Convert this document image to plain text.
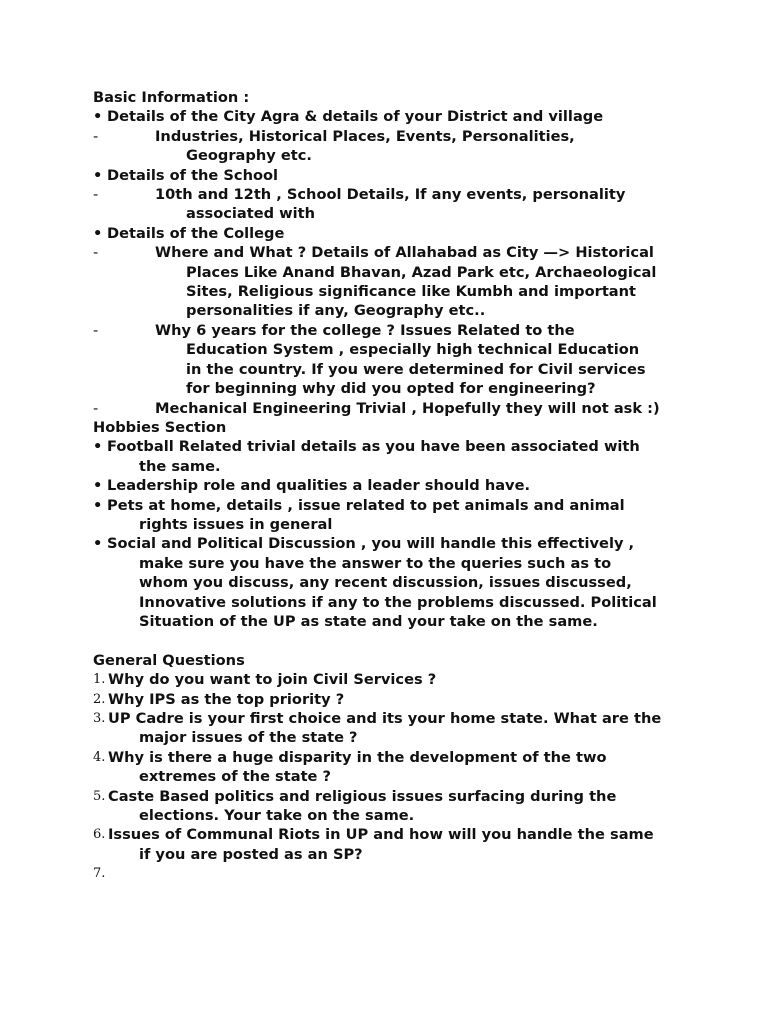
Basic Information :
• Details of the City Agra & details of your District and village
-	Industries, Historical Places, Events, Personalities,
Geography etc.
• Details of the School
-	10th and 12th , School Details, If any events, personality
associated with
• Details of the College
-	Where and What ? Details of Allahabad as City —> Historical
Places Like Anand Bhavan, Azad Park etc, Archaeological
Sites, Religious significance like Kumbh and important
personalities if any, Geography etc..
-	Why 6 years for the college ? Issues Related to the
Education System , especially high technical Education
in the country. If you were determined for Civil services
for beginning why did you opted for engineering?
-	Mechanical Engineering Trivial , Hopefully they will not ask :)
Hobbies Section
• Football Related trivial details as you have been associated with
the same.
• Leadership role and qualities a leader should have.
• Pets at home, details , issue related to pet animals and animal
rights issues in general
• Social and Political Discussion , you will handle this effectively ,
make sure you have the answer to the queries such as to
whom you discuss, any recent discussion, issues discussed,
Innovative solutions if any to the problems discussed. Political
Situation of the UP as state and your take on the same.
General Questions
1. Why do you want to join Civil Services ?
2. Why IPS as the top priority ?
3. UP Cadre is your first choice and its your home state. What are the
major issues of the state ?
4. Why is there a huge disparity in the development of the two
extremes of the state ?
5. Caste Based politics and religious issues surfacing during the
elections. Your take on the same.
6. Issues of Communal Riots in UP and how will you handle the same
if you are posted as an SP?
7.
